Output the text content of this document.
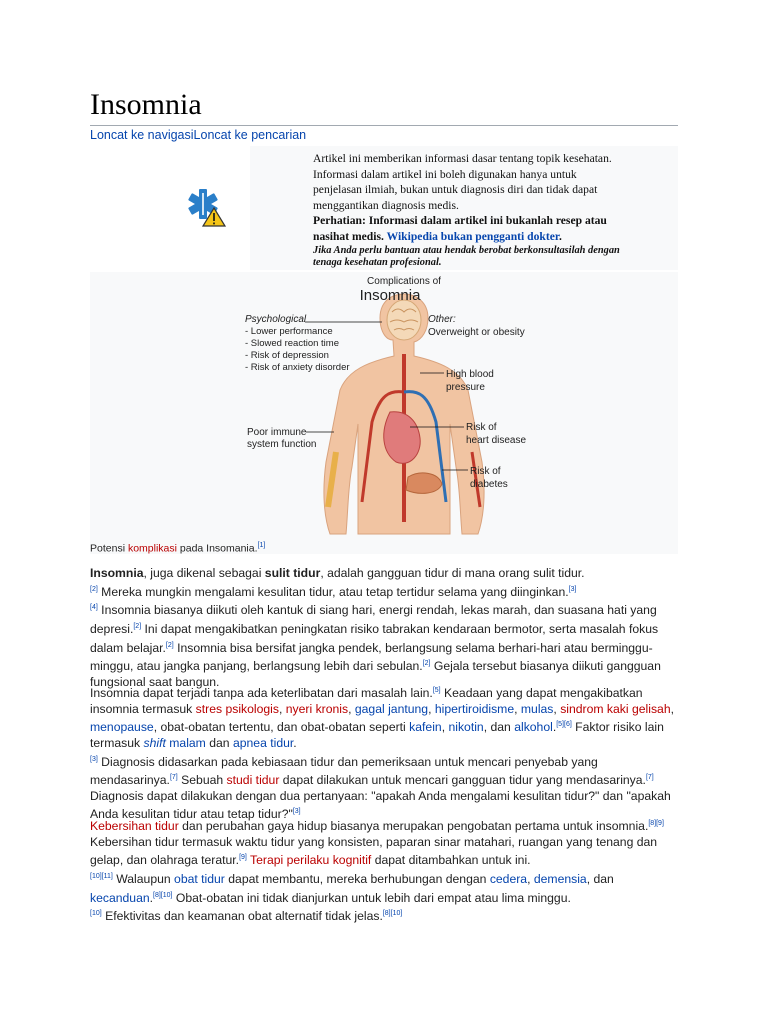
Insomnia
Loncat ke navigasiLoncat ke pencarian
Artikel ini memberikan informasi dasar tentang topik kesehatan.
Informasi dalam artikel ini boleh digunakan hanya untuk
penjelasan ilmiah, bukan untuk diagnosis diri dan tidak dapat
menggantikan diagnosis medis.
Perhatian: Informasi dalam artikel ini bukanlah resep atau
nasihat medis. Wikipedia bukan pengganti dokter.
Jika Anda perlu bantuan atau hendak berobat berkonsultasilah dengan
tenaga kesehatan profesional.
Complications of
Insomnia
Psychological
- Lower performance
- Slowed reaction time
- Risk of depression
- Risk of anxiety disorder
Other:
Overweight or obesity
High blood
pressure
Poor immune
system function
Risk of
heart disease
Risk of
diabetes
Potensi komplikasi pada Insomania.[1]

Insomnia, juga dikenal sebagai sulit tidur, adalah gangguan tidur di mana orang sulit tidur.
[2] Mereka mungkin mengalami kesulitan tidur, atau tetap tertidur selama yang diinginkan.[3]
[4] Insomnia biasanya diikuti oleh kantuk di siang hari, energi rendah, lekas marah, dan suasana hati yang depresi.[2] Ini dapat mengakibatkan peningkatan risiko tabrakan kendaraan bermotor, serta masalah fokus dalam belajar.[2] Insomnia bisa bersifat jangka pendek, berlangsung selama berhari-hari atau berminggu-minggu, atau jangka panjang, berlangsung lebih dari sebulan.[2] Gejala tersebut biasanya diikuti gangguan fungsional saat bangun.

Insomnia dapat terjadi tanpa ada keterlibatan dari masalah lain.[5] Keadaan yang dapat mengakibatkan insomnia termasuk stres psikologis, nyeri kronis, gagal jantung, hipertiroidisme, mulas, sindrom kaki gelisah, menopause, obat-obatan tertentu, dan obat-obatan seperti kafein, nikotin, dan alkohol.[5][6] Faktor risiko lain termasuk shift malam dan apnea tidur.
[3] Diagnosis didasarkan pada kebiasaan tidur dan pemeriksaan untuk mencari penyebab yang mendasarinya.[7] Sebuah studi tidur dapat dilakukan untuk mencari gangguan tidur yang mendasarinya.[7] Diagnosis dapat dilakukan dengan dua pertanyaan: "apakah Anda mengalami kesulitan tidur?" dan "apakah Anda kesulitan tidur atau tetap tidur?"[3]

Kebersihan tidur dan perubahan gaya hidup biasanya merupakan pengobatan pertama untuk insomnia.[8][9] Kebersihan tidur termasuk waktu tidur yang konsisten, paparan sinar matahari, ruangan yang tenang dan gelap, dan olahraga teratur.[9] Terapi perilaku kognitif dapat ditambahkan untuk ini.
[10][11] Walaupun obat tidur dapat membantu, mereka berhubungan dengan cedera, demensia, dan kecanduan.[8][10] Obat-obatan ini tidak dianjurkan untuk lebih dari empat atau lima minggu.
[10] Efektivitas dan keamanan obat alternatif tidak jelas.[8][10]
